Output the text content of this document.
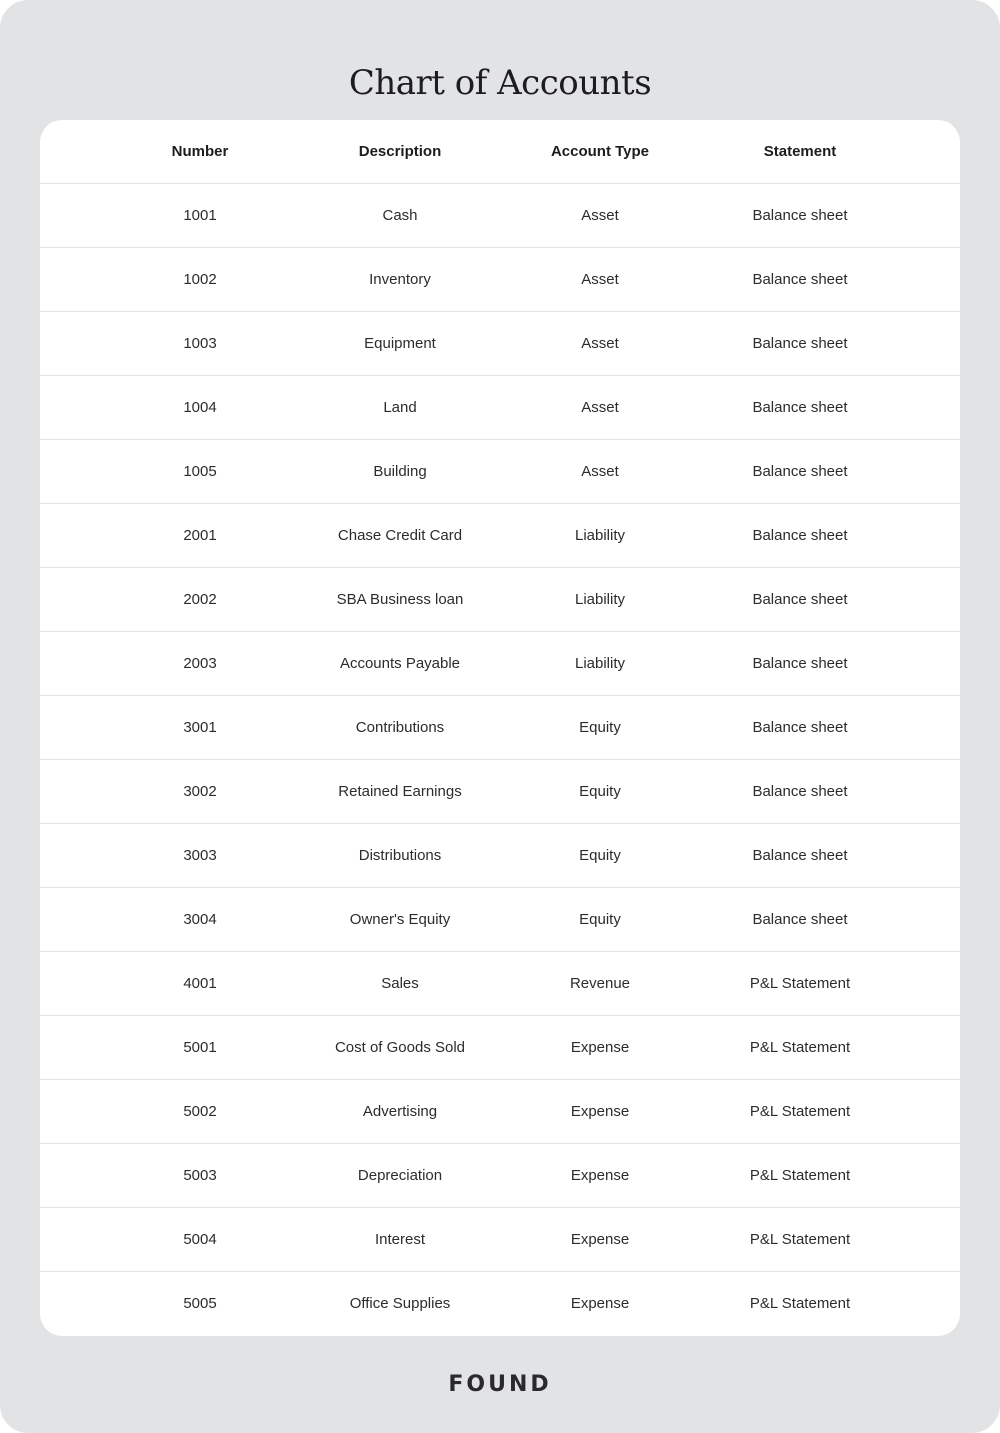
Chart of Accounts
Number	Description	Account Type	Statement
1001	Cash	Asset	Balance sheet
1002	Inventory	Asset	Balance sheet
1003	Equipment	Asset	Balance sheet
1004	Land	Asset	Balance sheet
1005	Building	Asset	Balance sheet
2001	Chase Credit Card	Liability	Balance sheet
2002	SBA Business loan	Liability	Balance sheet
2003	Accounts Payable	Liability	Balance sheet
3001	Contributions	Equity	Balance sheet
3002	Retained Earnings	Equity	Balance sheet
3003	Distributions	Equity	Balance sheet
3004	Owner's Equity	Equity	Balance sheet
4001	Sales	Revenue	P&L Statement
5001	Cost of Goods Sold	Expense	P&L Statement
5002	Advertising	Expense	P&L Statement
5003	Depreciation	Expense	P&L Statement
5004	Interest	Expense	P&L Statement
5005	Office Supplies	Expense	P&L Statement
FOUND
